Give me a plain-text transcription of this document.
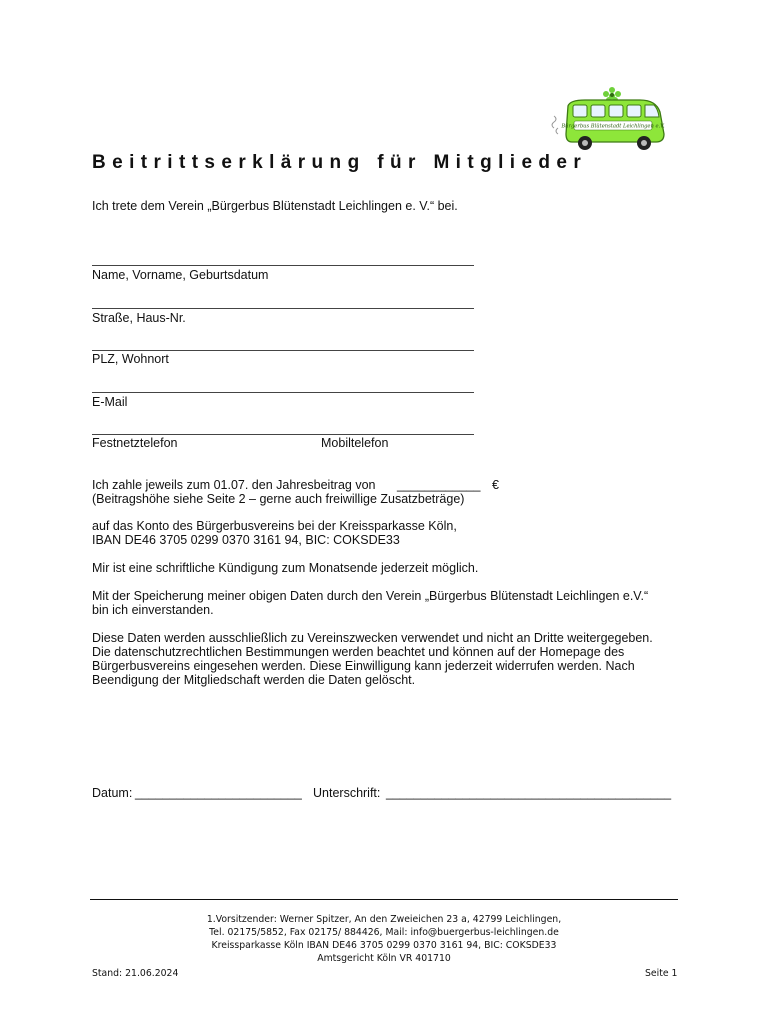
Bürgerbus Blütenstadt Leichlingen e.V.
Beitrittserklärung für Mitglieder
Ich trete dem Verein „Bürgerbus Blütenstadt Leichlingen e. V.“ bei.
Name, Vorname, Geburtsdatum
Straße, Haus-Nr.
PLZ, Wohnort
E-Mail
Festnetztelefon	Mobiltelefon
Ich zahle jeweils zum 01.07. den Jahresbeitrag von ____________ €
(Beitragshöhe siehe Seite 2 – gerne auch freiwillige Zusatzbeträge)
auf das Konto des Bürgerbusvereins bei der Kreissparkasse Köln,
IBAN DE46 3705 0299 0370 3161 94, BIC: COKSDE33
Mir ist eine schriftliche Kündigung zum Monatsende jederzeit möglich.
Mit der Speicherung meiner obigen Daten durch den Verein „Bürgerbus Blütenstadt Leichlingen e.V.“
bin ich einverstanden.
Diese Daten werden ausschließlich zu Vereinszwecken verwendet und nicht an Dritte weitergegeben.
Die datenschutzrechtlichen Bestimmungen werden beachtet und können auf der Homepage des
Bürgerbusvereins eingesehen werden. Diese Einwilligung kann jederzeit widerrufen werden. Nach
Beendigung der Mitgliedschaft werden die Daten gelöscht.
Datum: ________________________ Unterschrift: _________________________________________
1.Vorsitzender: Werner Spitzer, An den Zweieichen 23 a, 42799 Leichlingen,
Tel. 02175/5852, Fax 02175/ 884426, Mail: info@buergerbus-leichlingen.de
Kreissparkasse Köln IBAN DE46 3705 0299 0370 3161 94, BIC: COKSDE33
Amtsgericht Köln VR 401710
Stand: 21.06.2024	Seite 1
